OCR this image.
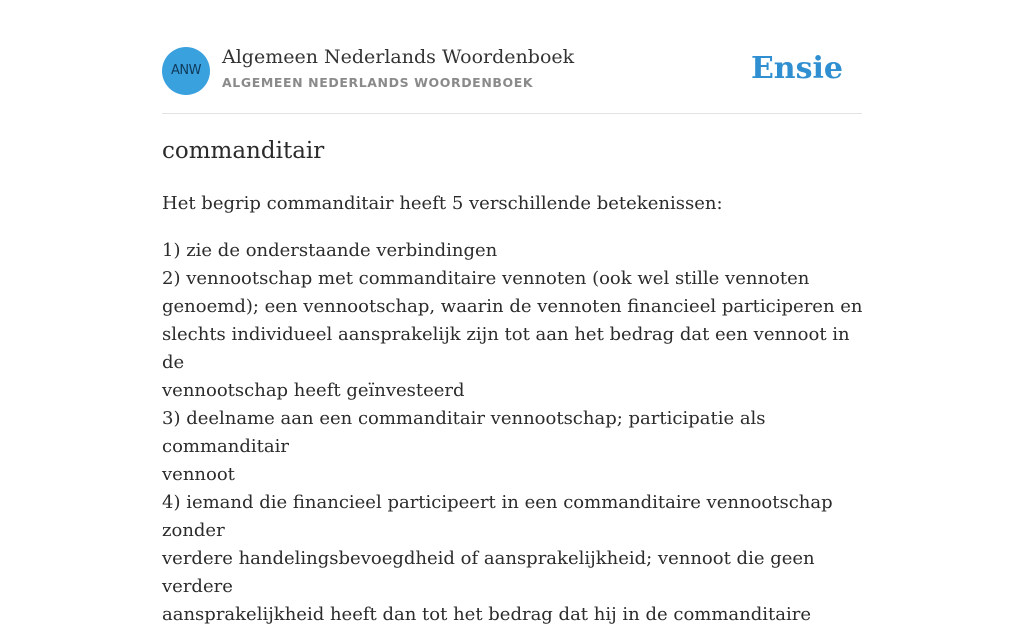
ANW
Algemeen Nederlands Woordenboek
ALGEMEEN NEDERLANDS WOORDENBOEK	Ensie
commanditair

Het begrip commanditair heeft 5 verschillende betekenissen:

1) zie de onderstaande verbindingen
2) vennootschap met commanditaire vennoten (ook wel stille vennoten
genoemd); een vennootschap, waarin de vennoten financieel participeren en
slechts individueel aansprakelijk zijn tot aan het bedrag dat een vennoot in de
vennootschap heeft geïnvesteerd
3) deelname aan een commanditair vennootschap; participatie als commanditair
vennoot
4) iemand die financieel participeert in een commanditaire vennootschap zonder
verdere handelingsbevoegdheid of aansprakelijkheid; vennoot die geen verdere
aansprakelijkheid heeft dan tot het bedrag dat hij in de commanditaire
